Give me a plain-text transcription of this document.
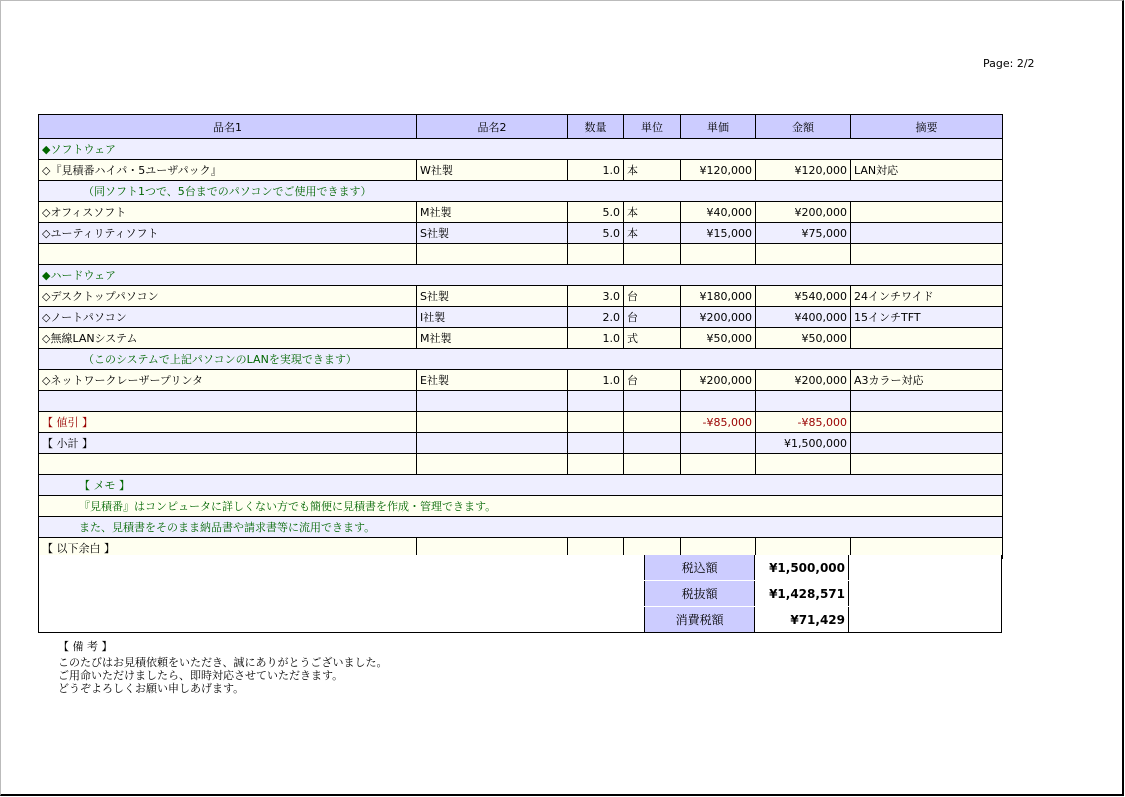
Page: 2/2
品名1	品名2	数量	単位	単価	金額	摘要
◆ソフトウェア						
◇『見積番ハイパ・5ユーザパック』	W社製	1.0	本	¥120,000	¥120,000	LAN対応
（同ソフト1つで、5台までのパソコンでご使用できます）						
◇オフィスソフト	M社製	5.0	本	¥40,000	¥200,000	
◇ユーティリティソフト	S社製	5.0	本	¥15,000	¥75,000	

◆ハードウェア						
◇デスクトップパソコン	S社製	3.0	台	¥180,000	¥540,000	24インチワイド
◇ノートパソコン	I社製	2.0	台	¥200,000	¥400,000	15インチTFT
◇無線LANシステム	M社製	1.0	式	¥50,000	¥50,000	
（このシステムで上記パソコンのLANを実現できます）						
◇ネットワークレーザープリンタ	E社製	1.0	台	¥200,000	¥200,000	A3カラー対応

【 値引 】				-¥85,000	-¥85,000	
【 小計 】					¥1,500,000	

【 メモ 】						
『見積番』はコンピュータに詳しくない方でも簡便に見積書を作成・管理できます。						
また、見積書をそのまま納品書や請求書等に流用できます。						
【 以下余白 】						
税込額	¥1,500,000
税抜額	¥1,428,571
消費税額	¥71,429
【 備 考 】
このたびはお見積依頼をいただき、誠にありがとうございました。
ご用命いただけましたら、即時対応させていただきます。
どうぞよろしくお願い申しあげます。
